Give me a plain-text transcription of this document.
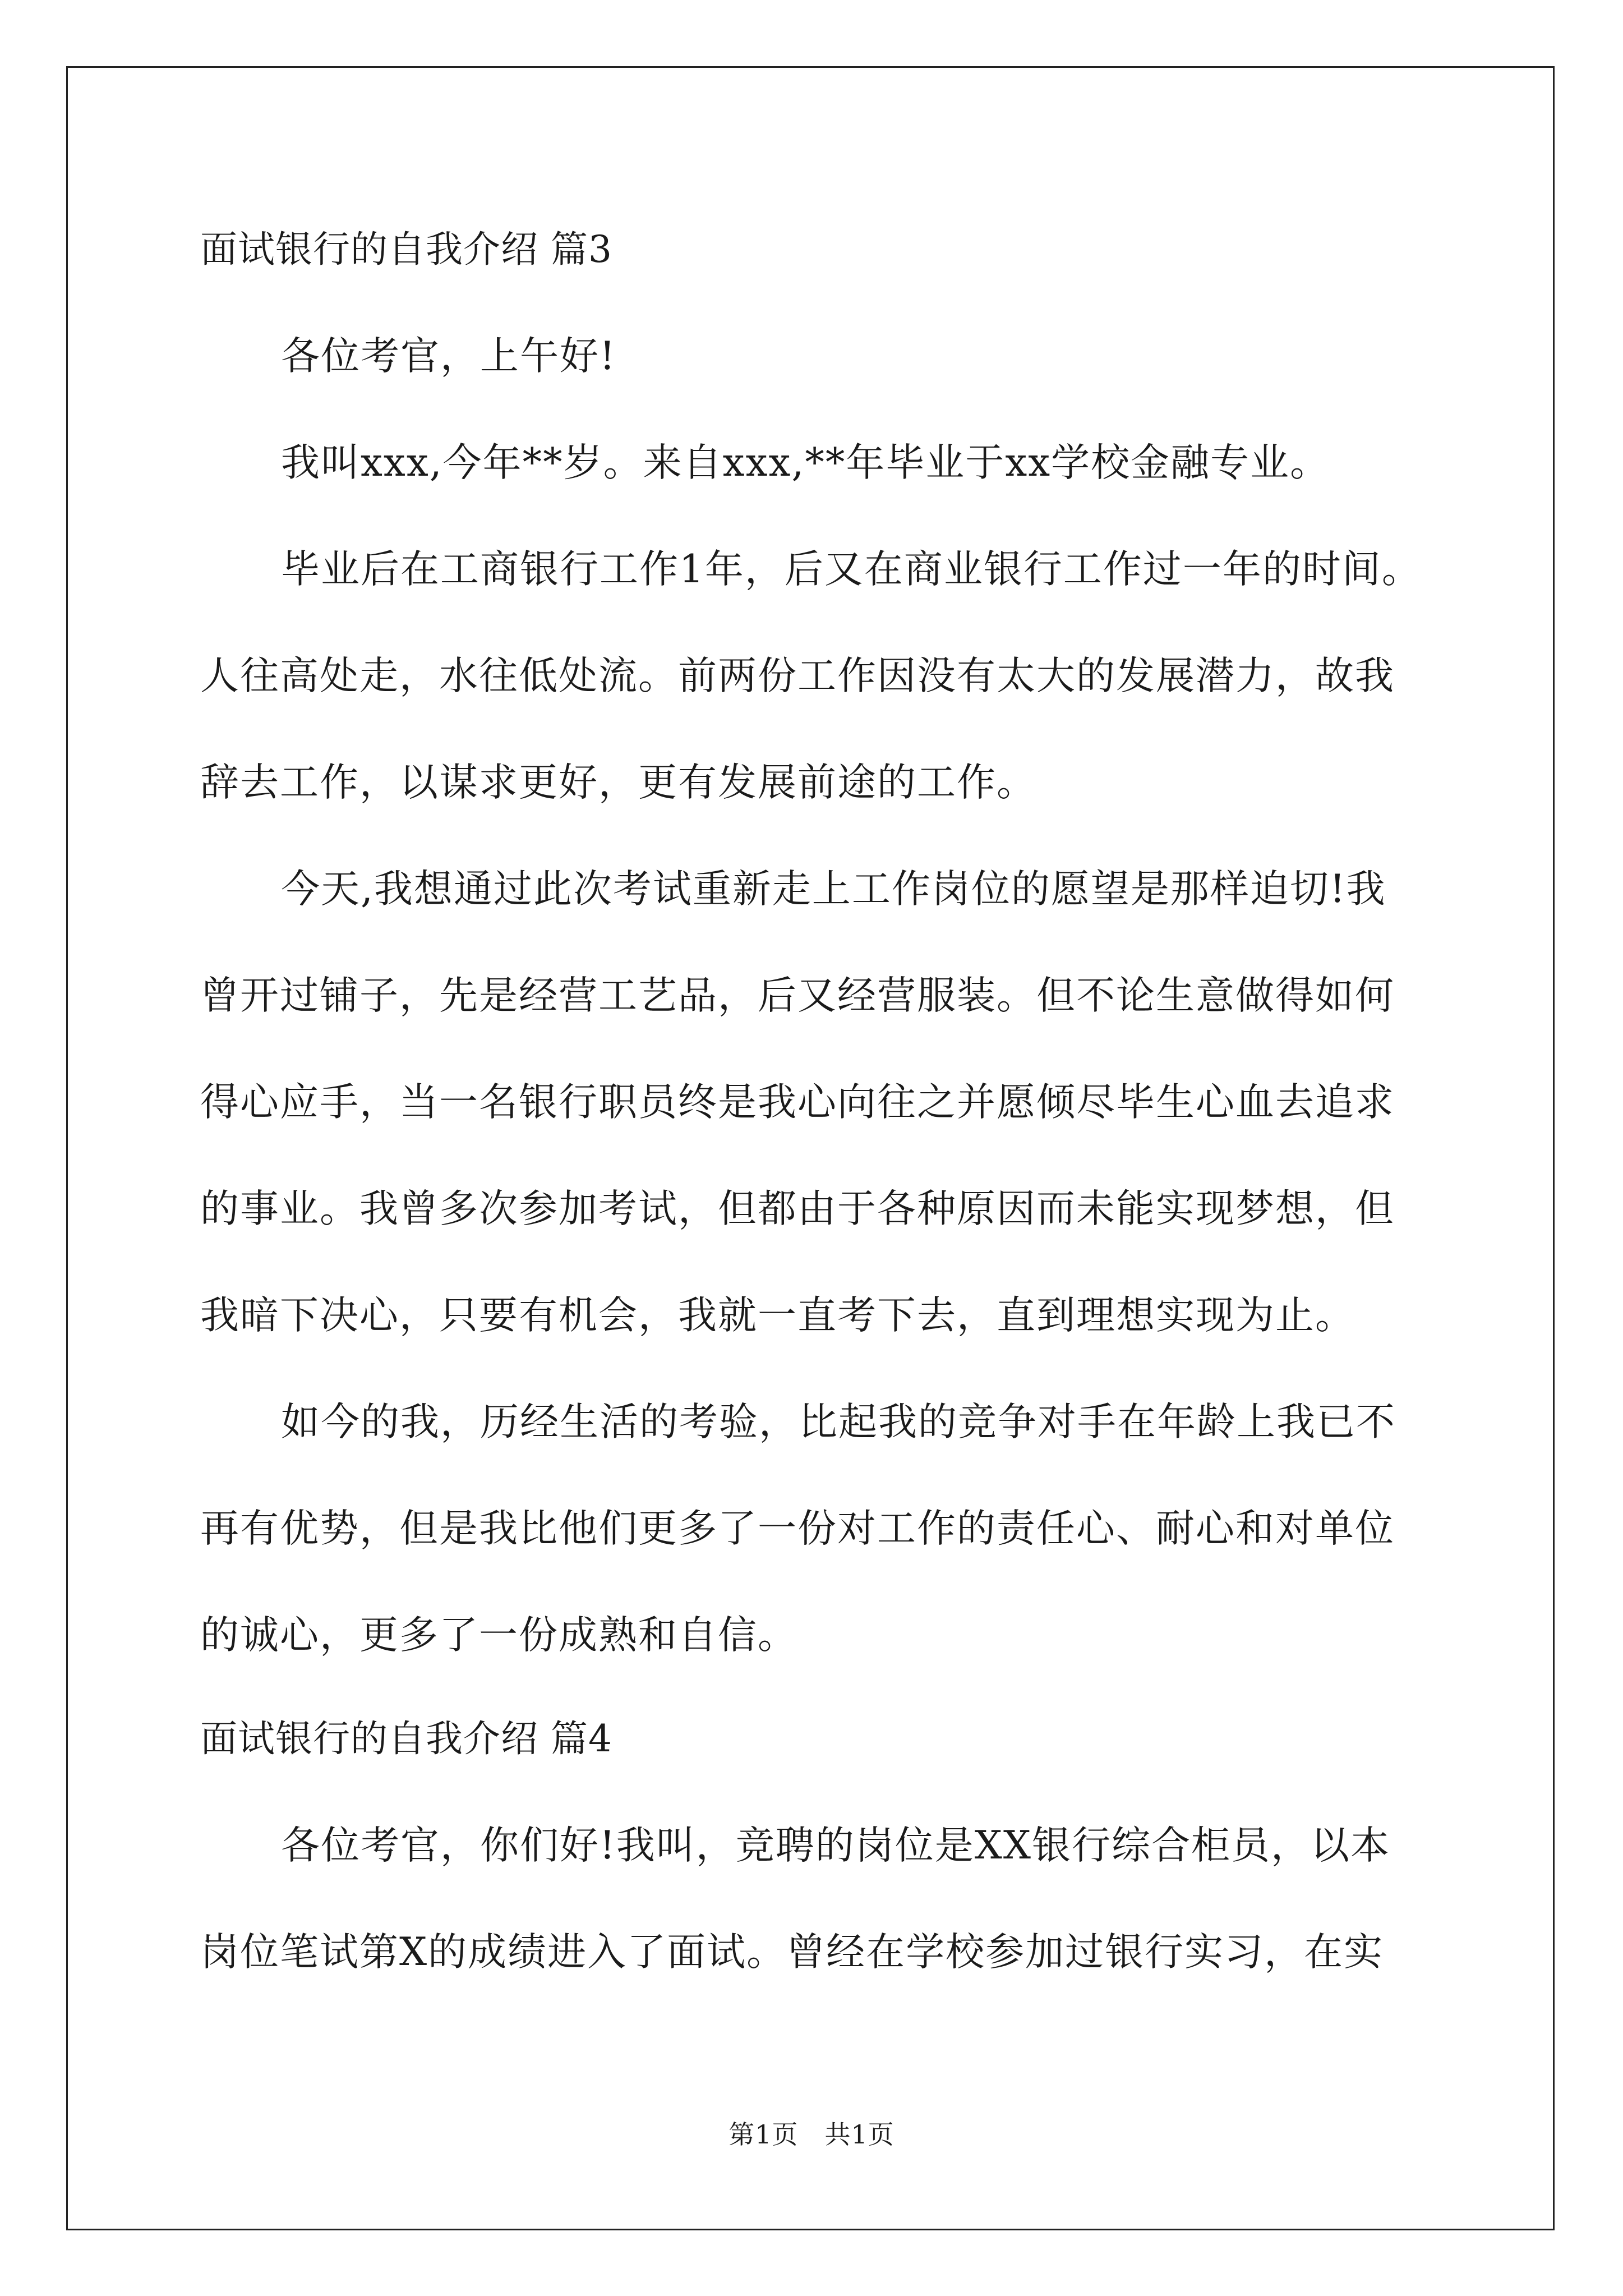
面试银行的自我介绍 篇3
各位考官，上午好!
我叫xxx,今年**岁。来自xxx,**年毕业于xx学校金融专业。
毕业后在工商银行工作1年，后又在商业银行工作过一年的时间。
人往高处走，水往低处流。前两份工作因没有太大的发展潜力，故我
辞去工作，以谋求更好，更有发展前途的工作。
今天,我想通过此次考试重新走上工作岗位的愿望是那样迫切!我
曾开过铺子，先是经营工艺品，后又经营服装。但不论生意做得如何
得心应手，当一名银行职员终是我心向往之并愿倾尽毕生心血去追求
的事业。我曾多次参加考试，但都由于各种原因而未能实现梦想，但
我暗下决心，只要有机会，我就一直考下去，直到理想实现为止。
如今的我，历经生活的考验，比起我的竞争对手在年龄上我已不
再有优势，但是我比他们更多了一份对工作的责任心、耐心和对单位
的诚心，更多了一份成熟和自信。
面试银行的自我介绍 篇4
各位考官，你们好!我叫，竞聘的岗位是XX银行综合柜员，以本
岗位笔试第X的成绩进入了面试。曾经在学校参加过银行实习，在实
第1页　共1页
